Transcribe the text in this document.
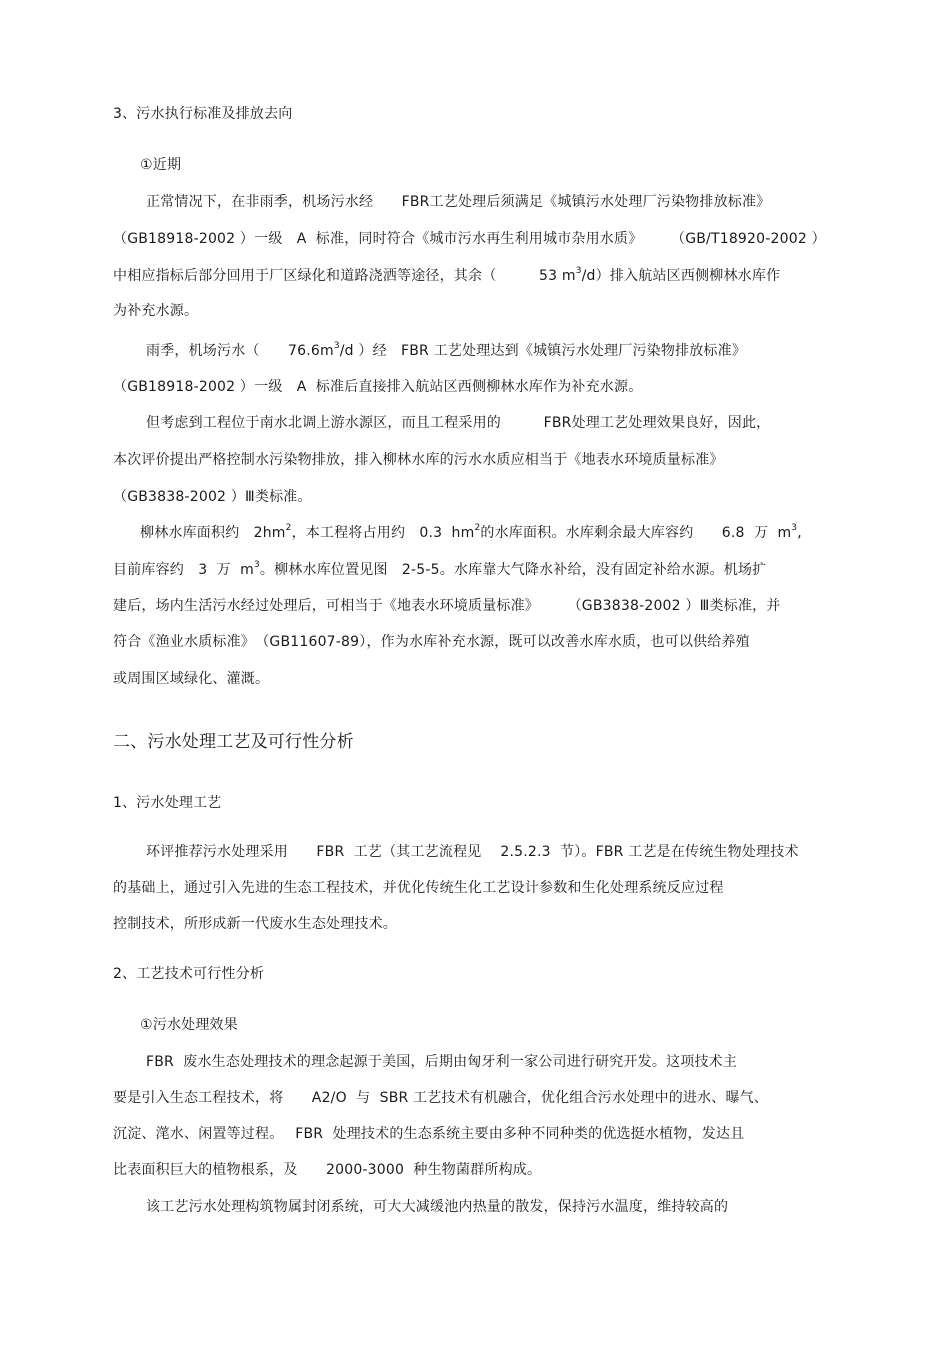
3、污水执行标准及排放去向
①近期
正常情况下，在非雨季，机场污水经　　FBR工艺处理后须满足《城镇污水处理厂污染物排放标准》
（GB18918-2002 ）一级　A  标准，同时符合《城市污水再生利用城市杂用水质》　　　（GB/T18920-2002 ）
中相应指标后部分回用于厂区绿化和道路浇洒等途径，其余（　　　53 $m^3/d$）排入航站区西侧柳林水库作
为补充水源。
雨季，机场污水（　　$76.6m^3/d$ ）经　FBR 工艺处理达到《城镇污水处理厂污染物排放标准》
（GB18918-2002 ）一级　A  标准后直接排入航站区西侧柳林水库作为补充水源。
但考虑到工程位于南水北调上游水源区，而且工程采用的　　　FBR处理工艺处理效果良好，因此，
本次评价提出严格控制水污染物排放，排入柳林水库的污水水质应相当于《地表水环境质量标准》
（GB3838-2002 ）Ⅲ类标准。
柳林水库面积约　$2hm^2$，本工程将占用约　0.3  $hm^2$的水库面积。水库剩余最大库容约　　6.8  万  $m^3$,
目前库容约　3  万  $m^3$。柳林水库位置见图　2-5-5。水库靠大气降水补给，没有固定补给水源。机场扩
建后，场内生活污水经过处理后，可相当于《地表水环境质量标准》　　　（GB3838-2002 ）Ⅲ类标准，并
符合《渔业水质标准》　（GB11607-89），作为水库补充水源，既可以改善水库水质，也可以供给养殖
或周围区域绿化、灌溉。
二、污水处理工艺及可行性分析
1、污水处理工艺
环评推荐污水处理采用　　FBR  工艺（其工艺流程见　 2.5.2.3  节）。FBR 工艺是在传统生物处理技术
的基础上，通过引入先进的生态工程技术，并优化传统生化工艺设计参数和生化处理系统反应过程
控制技术，所形成新一代废水生态处理技术。
2、工艺技术可行性分析
①污水处理效果
FBR  废水生态处理技术的理念起源于美国，后期由匈牙利一家公司进行研究开发。这项技术主
要是引入生态工程技术，将　　A2/O  与  SBR 工艺技术有机融合，优化组合污水处理中的进水、曝气、
沉淀、滗水、闲置等过程。　 FBR  处理技术的生态系统主要由多种不同种类的优选挺水植物，发达且
比表面积巨大的植物根系，及　　2000-3000  种生物菌群所构成。
该工艺污水处理构筑物属封闭系统，可大大减缓池内热量的散发，保持污水温度，维持较高的
